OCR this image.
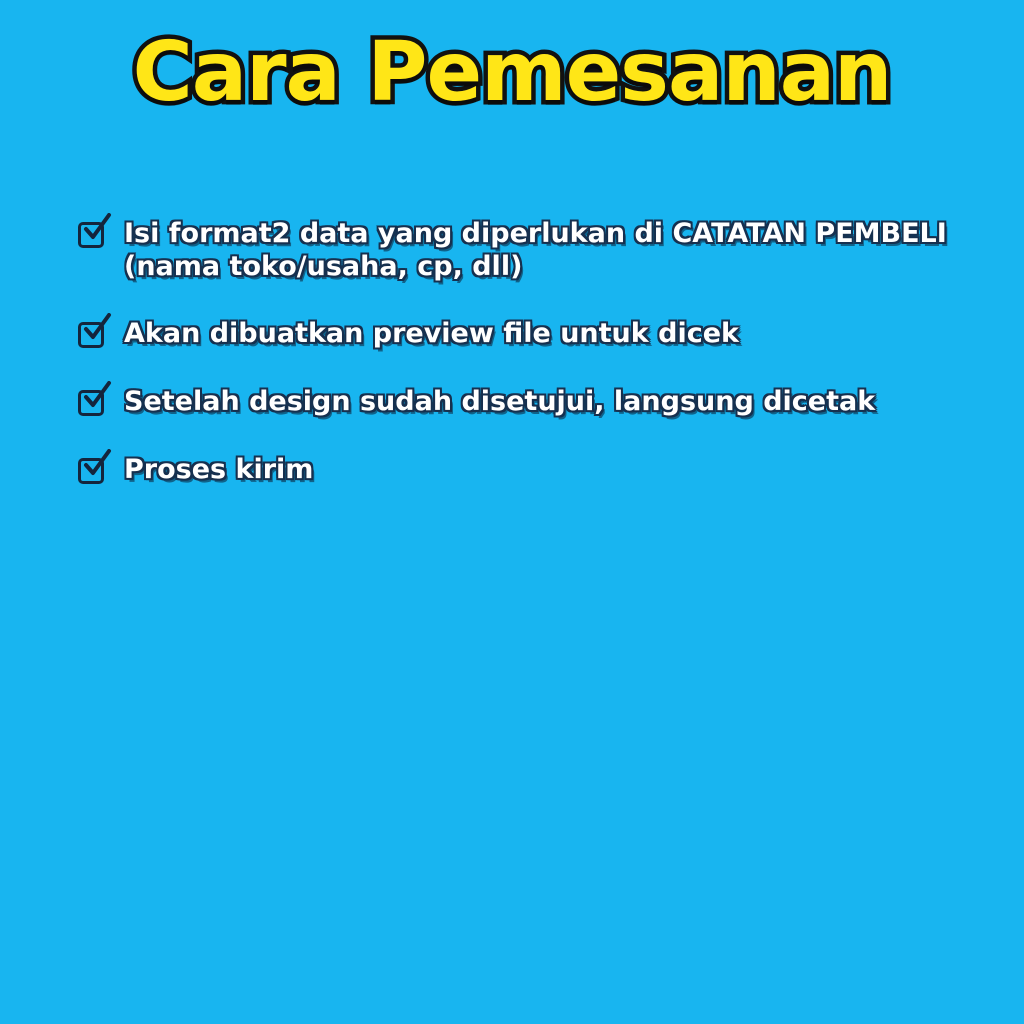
Cara Pemesanan
Isi format2 data yang diperlukan di CATATAN PEMBELI (nama toko/usaha, cp, dll)
Akan dibuatkan preview file untuk dicek
Setelah design sudah disetujui, langsung dicetak
Proses kirim
